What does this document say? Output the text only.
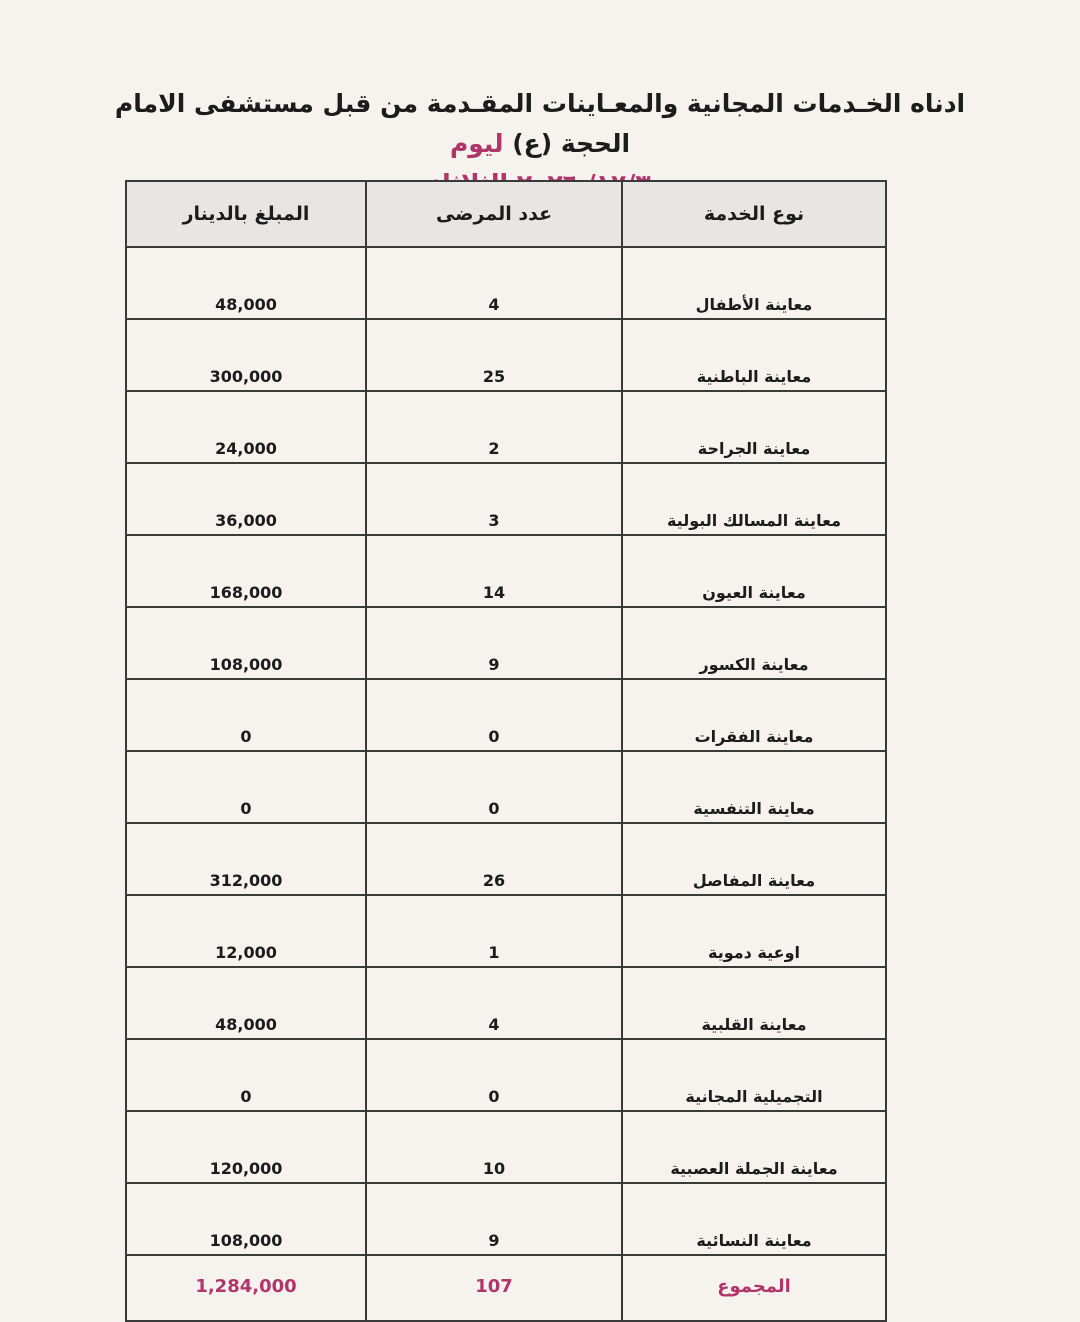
ادناه الخـدمات المجانية والمعـاينات المقـدمة من قبل مستشفى الامام الحجة (ع) ليوم
نوع الخدمة	عدد المرضى	المبلغ بالدينار
معاينة الأطفال	4	48,000
معاينة الباطنية	25	300,000
معاينة الجراحة	2	24,000
معاينة المسالك البولية	3	36,000
معاينة العيون	14	168,000
معاينة الكسور	9	108,000
معاينة الفقرات	0	0
معاينة التنفسية	0	0
معاينة المفاصل	26	312,000
اوعية دموية	1	12,000
معاينة القلبية	4	48,000
التجميلية المجانية	0	0
معاينة الجملة العصبية	10	120,000
معاينة النسائية	9	108,000
المجموع	107	1,284,000
